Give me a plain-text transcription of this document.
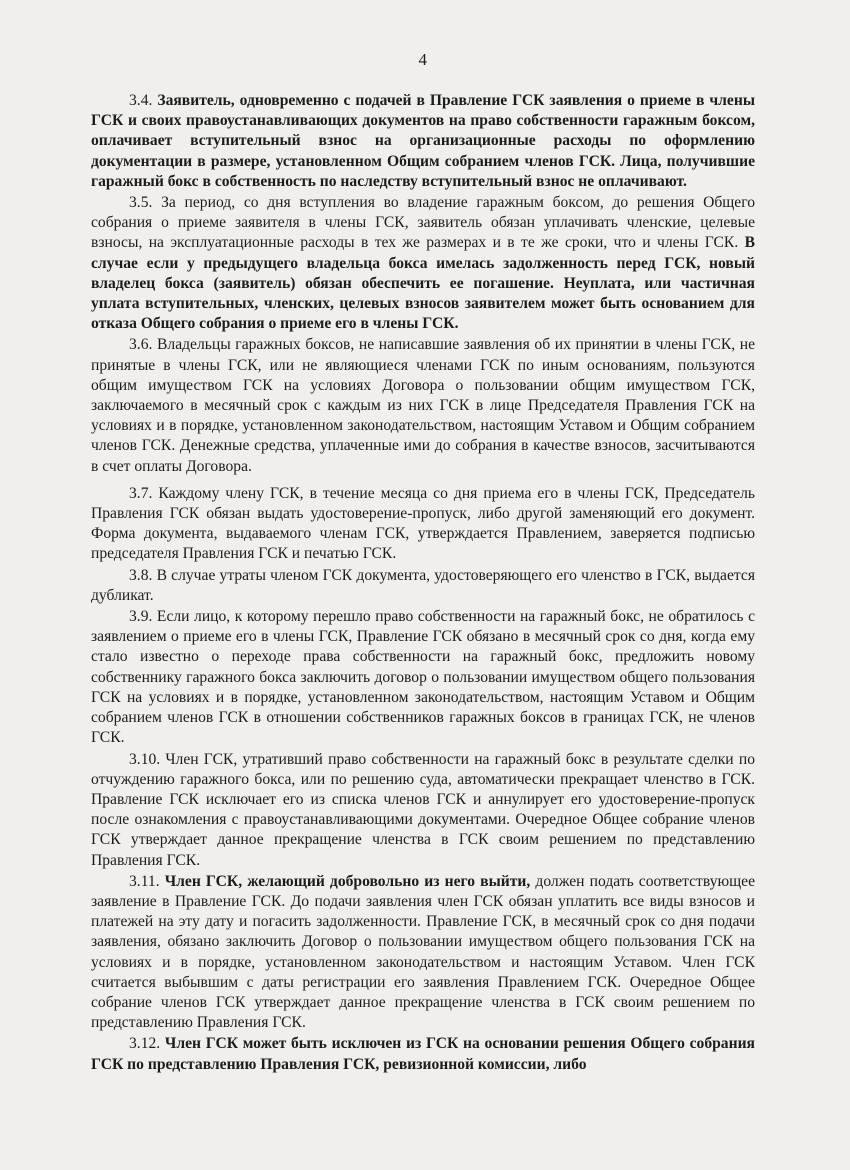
4

3.4. Заявитель, одновременно с подачей в Правление ГСК заявления о приеме в члены ГСК и своих правоустанавливающих документов на право собственности гаражным боксом, оплачивает вступительный взнос на организационные расходы по оформлению документации в размере, установленном Общим собранием членов ГСК. Лица, получившие гаражный бокс в собственность по наследству вступительный взнос не оплачивают.

3.5. За период, со дня вступления во владение гаражным боксом, до решения Общего собрания о приеме заявителя в члены ГСК, заявитель обязан уплачивать членские, целевые взносы, на эксплуатационные расходы в тех же размерах и в те же сроки, что и члены ГСК. В случае если у предыдущего владельца бокса имелась задолженность перед ГСК, новый владелец бокса (заявитель) обязан обеспечить ее погашение. Неуплата, или частичная уплата вступительных, членских, целевых взносов заявителем может быть основанием для отказа Общего собрания о приеме его в члены ГСК.

3.6. Владельцы гаражных боксов, не написавшие заявления об их принятии в члены ГСК, не принятые в члены ГСК, или не являющиеся членами ГСК по иным основаниям, пользуются общим имуществом ГСК на условиях Договора о пользовании общим имуществом ГСК, заключаемого в месячный срок с каждым из них ГСК в лице Председателя Правления ГСК на условиях и в порядке, установленном законодательством, настоящим Уставом и Общим собранием членов ГСК. Денежные средства, уплаченные ими до собрания в качестве взносов, засчитываются в счет оплаты Договора.

3.7. Каждому члену ГСК, в течение месяца со дня приема его в члены ГСК, Председатель Правления ГСК обязан выдать удостоверение-пропуск, либо другой заменяющий его документ. Форма документа, выдаваемого членам ГСК, утверждается Правлением, заверяется подписью председателя Правления ГСК и печатью ГСК.

3.8. В случае утраты членом ГСК документа, удостоверяющего его членство в ГСК, выдается дубликат.

3.9. Если лицо, к которому перешло право собственности на гаражный бокс, не обратилось с заявлением о приеме его в члены ГСК, Правление ГСК обязано в месячный срок со дня, когда ему стало известно о переходе права собственности на гаражный бокс, предложить новому собственнику гаражного бокса заключить договор о пользовании имуществом общего пользования ГСК на условиях и в порядке, установленном законодательством, настоящим Уставом и Общим собранием членов ГСК в отношении собственников гаражных боксов в границах ГСК, не членов ГСК.

3.10. Член ГСК, утративший право собственности на гаражный бокс в результате сделки по отчуждению гаражного бокса, или по решению суда, автоматически прекращает членство в ГСК. Правление ГСК исключает его из списка членов ГСК и аннулирует его удостоверение-пропуск после ознакомления с правоустанавливающими документами. Очередное Общее собрание членов ГСК утверждает данное прекращение членства в ГСК своим решением по представлению Правления ГСК.

3.11. Член ГСК, желающий добровольно из него выйти, должен подать соответствующее заявление в Правление ГСК. До подачи заявления член ГСК обязан уплатить все виды взносов и платежей на эту дату и погасить задолженности. Правление ГСК, в месячный срок со дня подачи заявления, обязано заключить Договор о пользовании имуществом общего пользования ГСК на условиях и в порядке, установленном законодательством и настоящим Уставом. Член ГСК считается выбывшим с даты регистрации его заявления Правлением ГСК. Очередное Общее собрание членов ГСК утверждает данное прекращение членства в ГСК своим решением по представлению Правления ГСК.

3.12. Член ГСК может быть исключен из ГСК на основании решения Общего собрания ГСК по представлению Правления ГСК, ревизионной комиссии, либо
